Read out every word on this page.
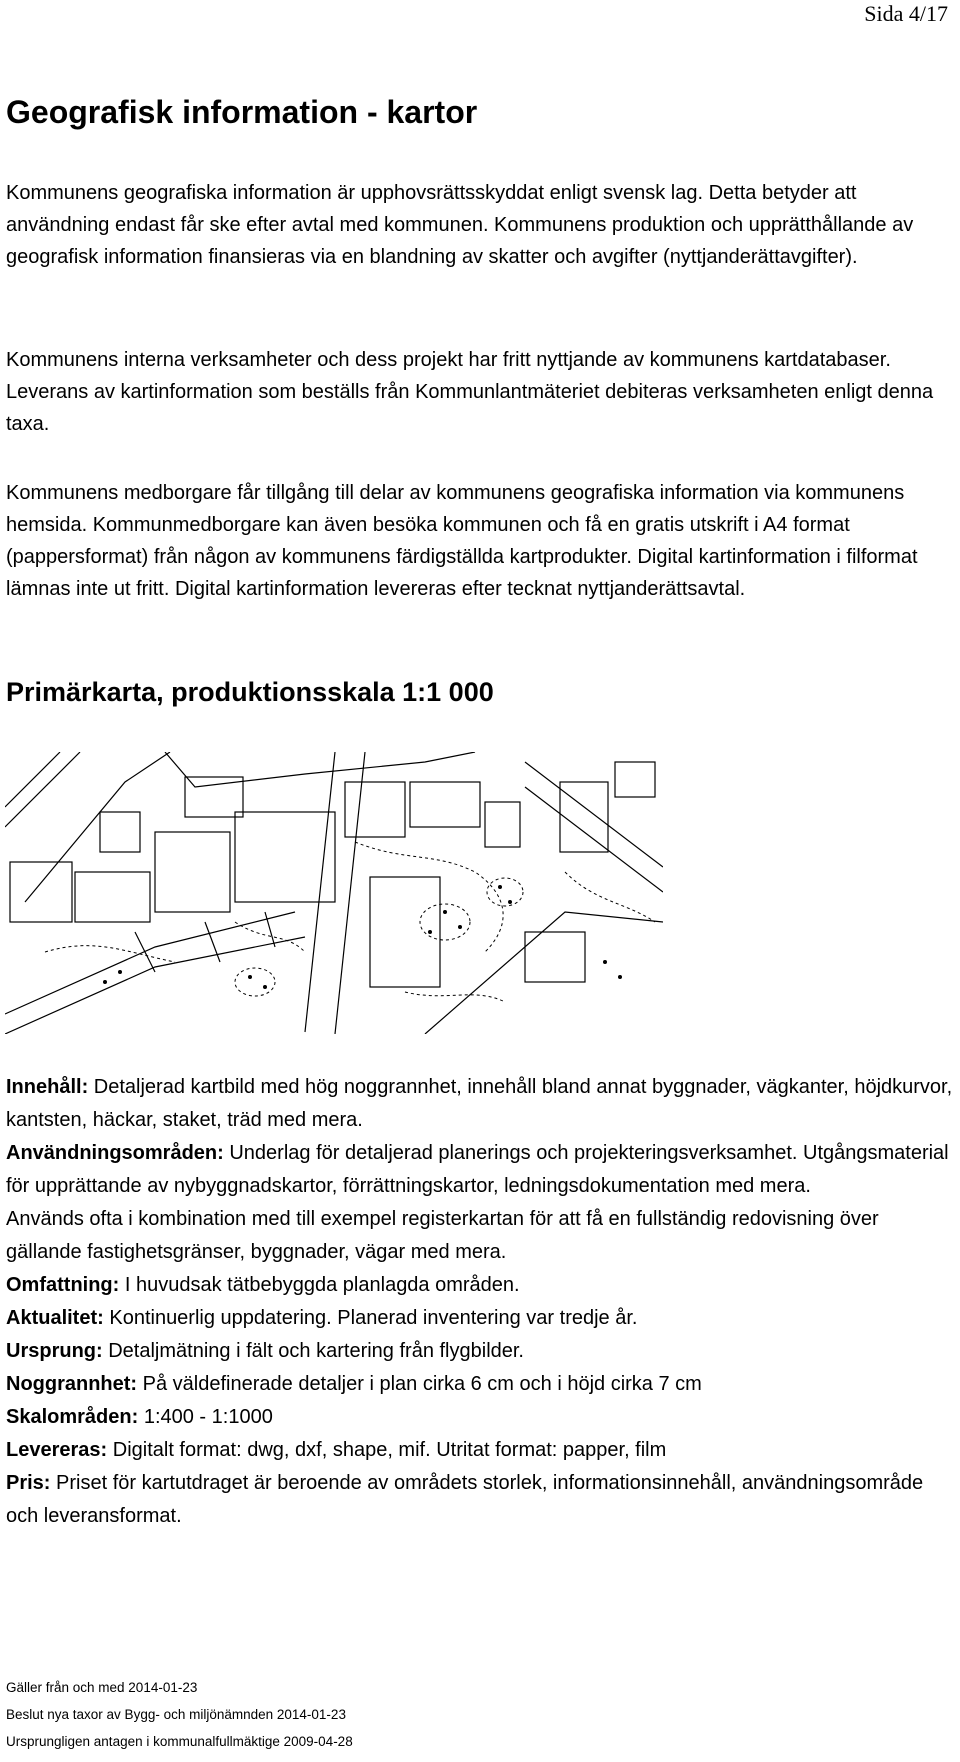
Sida 4/17
Geografisk information - kartor

Kommunens geografiska information är upphovsrättsskyddat enligt svensk lag. Detta betyder att användning endast får ske efter avtal med kommunen. Kommunens produktion och upprätthållande av geografisk information finansieras via en blandning av skatter och avgifter (nyttjanderättavgifter).

Kommunens interna verksamheter och dess projekt har fritt nyttjande av kommunens kartdatabaser. Leverans av kartinformation som beställs från Kommunlantmäteriet debiteras verksamheten enligt denna taxa.

Kommunens medborgare får tillgång till delar av kommunens geografiska information via kommunens hemsida. Kommunmedborgare kan även besöka kommunen och få en gratis utskrift i A4 format (pappersformat) från någon av kommunens färdigställda kartprodukter. Digital kartinformation i filformat lämnas inte ut fritt. Digital kartinformation levereras efter tecknat nyttjanderättsavtal.

Primärkarta, produktionsskala 1:1 000
Innehåll: Detaljerad kartbild med hög noggrannhet, innehåll bland annat byggnader, vägkanter, höjdkurvor, kantsten, häckar, staket, träd med mera.
Användningsområden: Underlag för detaljerad planerings och projekteringsverksamhet. Utgångsmaterial för upprättande av nybyggnadskartor, förrättningskartor, ledningsdokumentation med mera.
Används ofta i kombination med till exempel registerkartan för att få en fullständig redovisning över gällande fastighetsgränser, byggnader, vägar med mera.
Omfattning: I huvudsak tätbebyggda planlagda områden.
Aktualitet: Kontinuerlig uppdatering. Planerad inventering var tredje år.
Ursprung: Detaljmätning i fält och kartering från flygbilder.
Noggrannhet: På väldefinerade detaljer i plan cirka 6 cm och i höjd cirka 7 cm
Skalområden: 1:400 - 1:1000
Levereras: Digitalt format: dwg, dxf, shape, mif. Utritat format: papper, film
Pris: Priset för kartutdraget är beroende av områdets storlek, informationsinnehåll, användningsområde och leveransformat.
Gäller från och med 2014-01-23
Beslut nya taxor av Bygg- och miljönämnden 2014-01-23
Ursprungligen antagen i kommunalfullmäktige 2009-04-28
